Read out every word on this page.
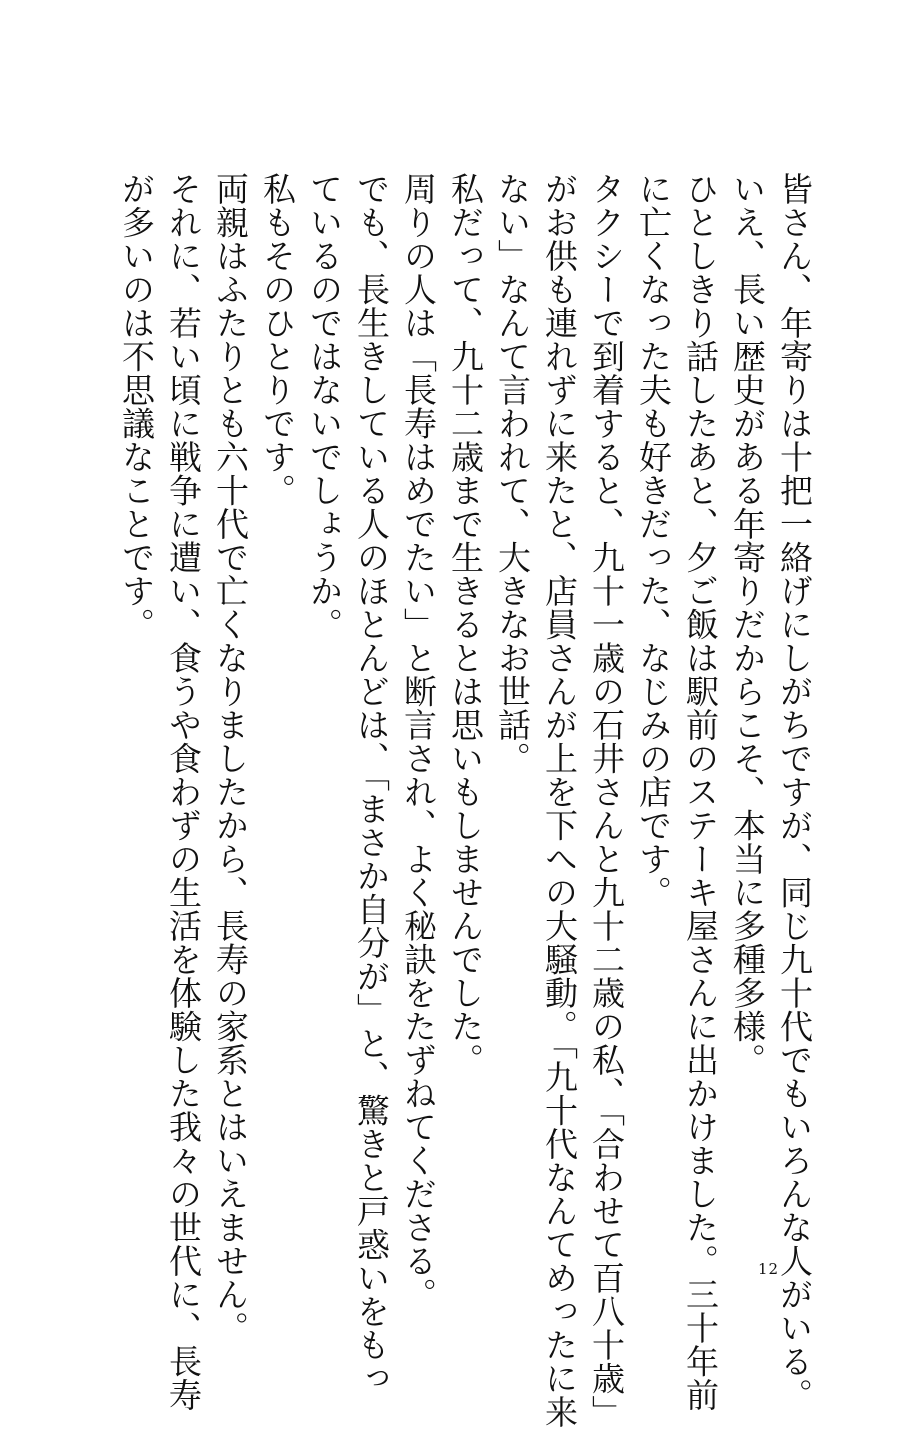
皆さん、年寄りは十把一絡げにしがちですが、同じ九十代でもいろんな人がいる。
いえ、長い歴史がある年寄りだからこそ、本当に多種多様。
ひとしきり話したあと、夕ご飯は駅前のステーキ屋さんに出かけました。三十年前
に亡くなった夫も好きだった、なじみの店です。
タクシーで到着すると、九十一歳の石井さんと九十二歳の私、「合わせて百八十歳」
がお供も連れずに来たと、店員さんが上を下への大騒動。「九十代なんてめったに来
ない」なんて言われて、大きなお世話。
私だって、九十二歳まで生きるとは思いもしませんでした。
周りの人は「長寿はめでたい」と断言され、よく秘訣をたずねてくださる。
でも、長生きしている人のほとんどは、「まさか自分が」と、驚きと戸惑いをもっ
ているのではないでしょうか。
私もそのひとりです。
両親はふたりとも六十代で亡くなりましたから、長寿の家系とはいえません。
それに、若い頃に戦争に遭い、食うや食わずの生活を体験した我々の世代に、長寿
が多いのは不思議なことです。
12
